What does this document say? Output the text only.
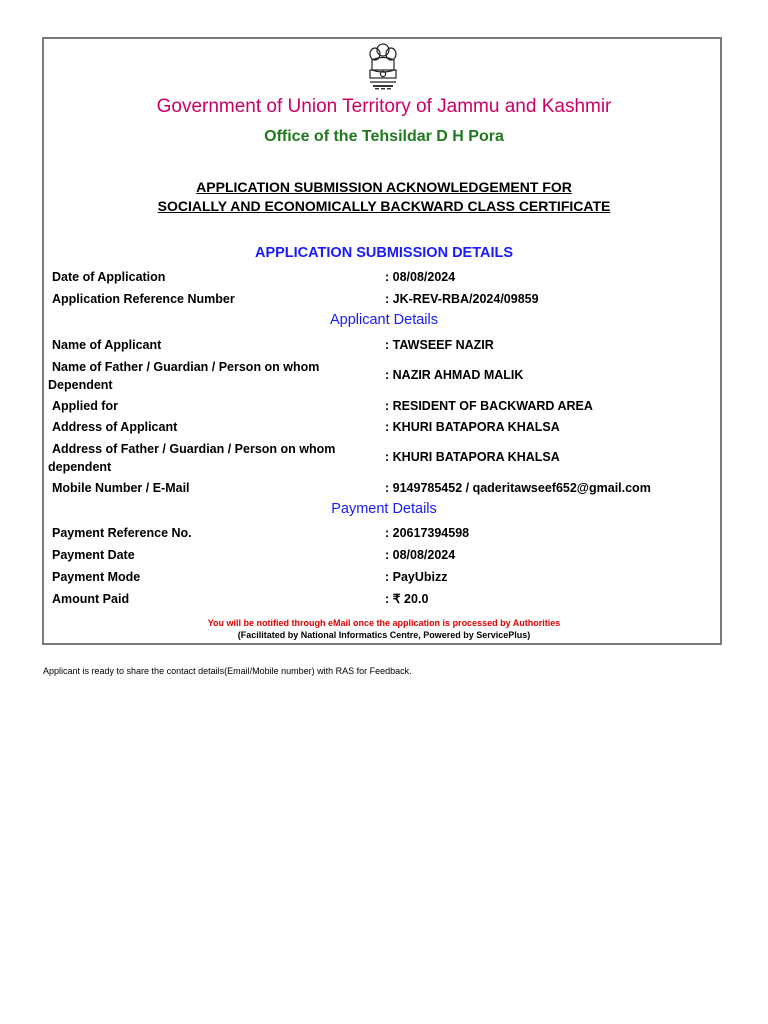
Government of Union Territory of Jammu and Kashmir
Office of the Tehsildar D H Pora
APPLICATION SUBMISSION ACKNOWLEDGEMENT FOR
SOCIALLY AND ECONOMICALLY BACKWARD CLASS CERTIFICATE
APPLICATION SUBMISSION DETAILS
Date of Application	: 08/08/2024
Application Reference Number	: JK-REV-RBA/2024/09859
Applicant Details
Name of Applicant	: TAWSEEF NAZIR
Name of Father / Guardian / Person on whom Dependent
: NAZIR AHMAD MALIK
Applied for	: RESIDENT OF BACKWARD AREA
Address of Applicant	: KHURI BATAPORA KHALSA
Address of Father / Guardian / Person on whom dependent
: KHURI BATAPORA KHALSA
Mobile Number / E-Mail	: 9149785452 / qaderitawseef652@gmail.com
Payment Details
Payment Reference No.	: 20617394598
Payment Date	: 08/08/2024
Payment Mode	: PayUbizz
Amount Paid	: ₹ 20.0
You will be notified through eMail once the application is processed by Authorities
(Facilitated by National Informatics Centre, Powered by ServicePlus)
Applicant is ready to share the contact details(Email/Mobile number) with RAS for Feedback.
